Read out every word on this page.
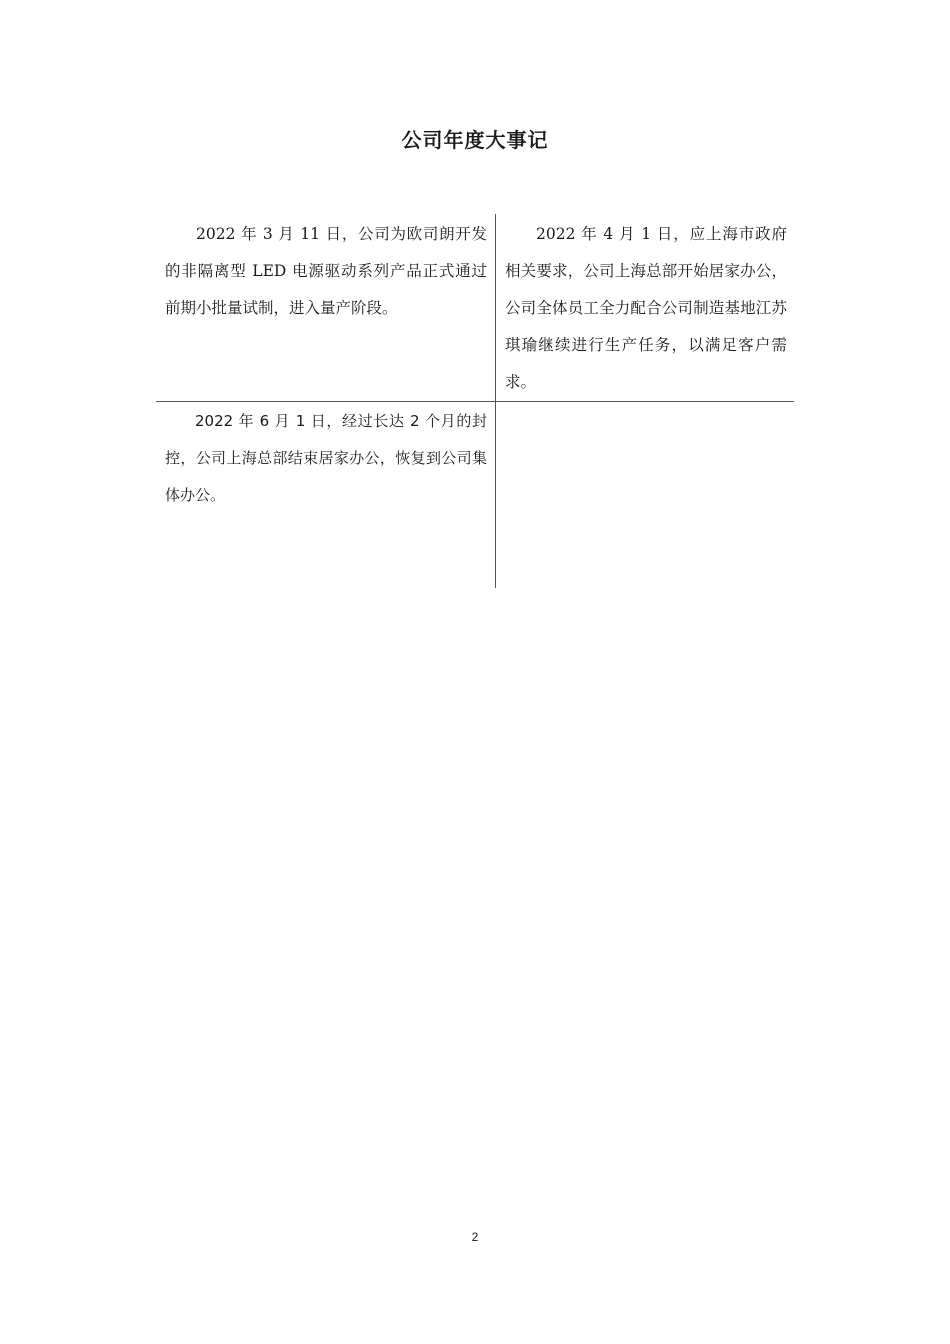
公司年度大事记
2022 年 3 月 11 日，公司为欧司朗开发的非隔离型 LED 电源驱动系列产品正式通过前期小批量试制，进入量产阶段。
2022 年 4 月 1 日，应上海市政府相关要求，公司上海总部开始居家办公，公司全体员工全力配合公司制造基地江苏琪瑜继续进行生产任务，以满足客户需求。
2022 年 6 月 1 日，经过长达 2 个月的封控，公司上海总部结束居家办公，恢复到公司集体办公。
2
